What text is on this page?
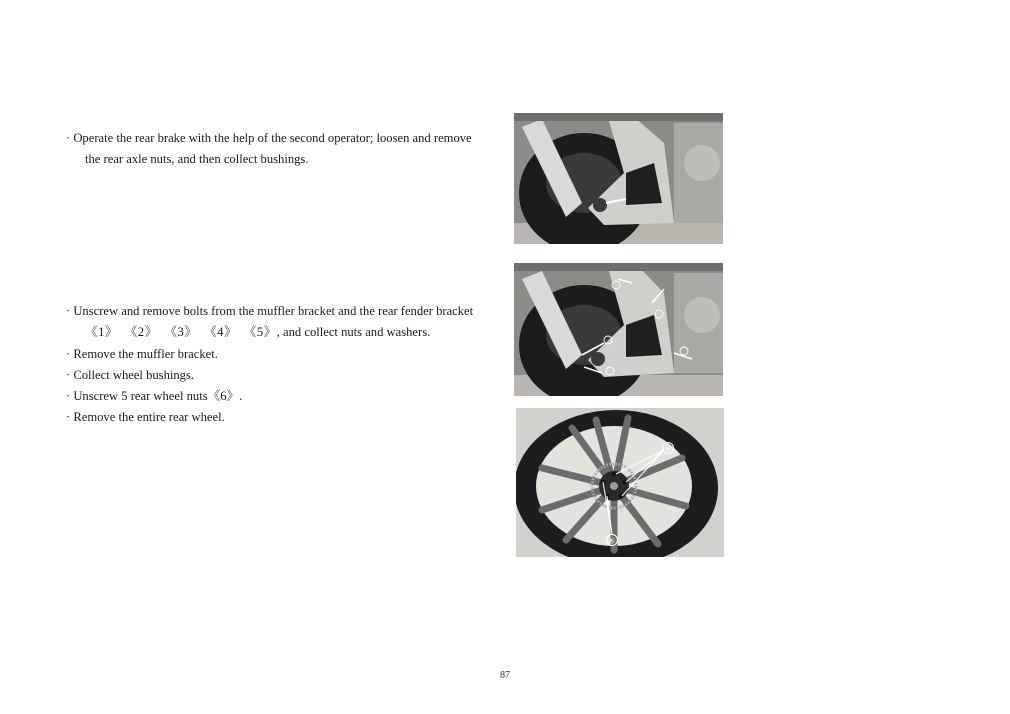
· Operate the rear brake with the help of the second operator; loosen and remove
the rear axle nuts, and then collect bushings.
· Unscrew and remove bolts from the muffler bracket and the rear fender bracket
《1》 《2》 《3》 《4》 《5》, and collect nuts and washers.
· Remove the muffler bracket.
· Collect wheel bushings.
· Unscrew 5 rear wheel nuts《6》.
· Remove the entire rear wheel.
⑥
⑥
87
